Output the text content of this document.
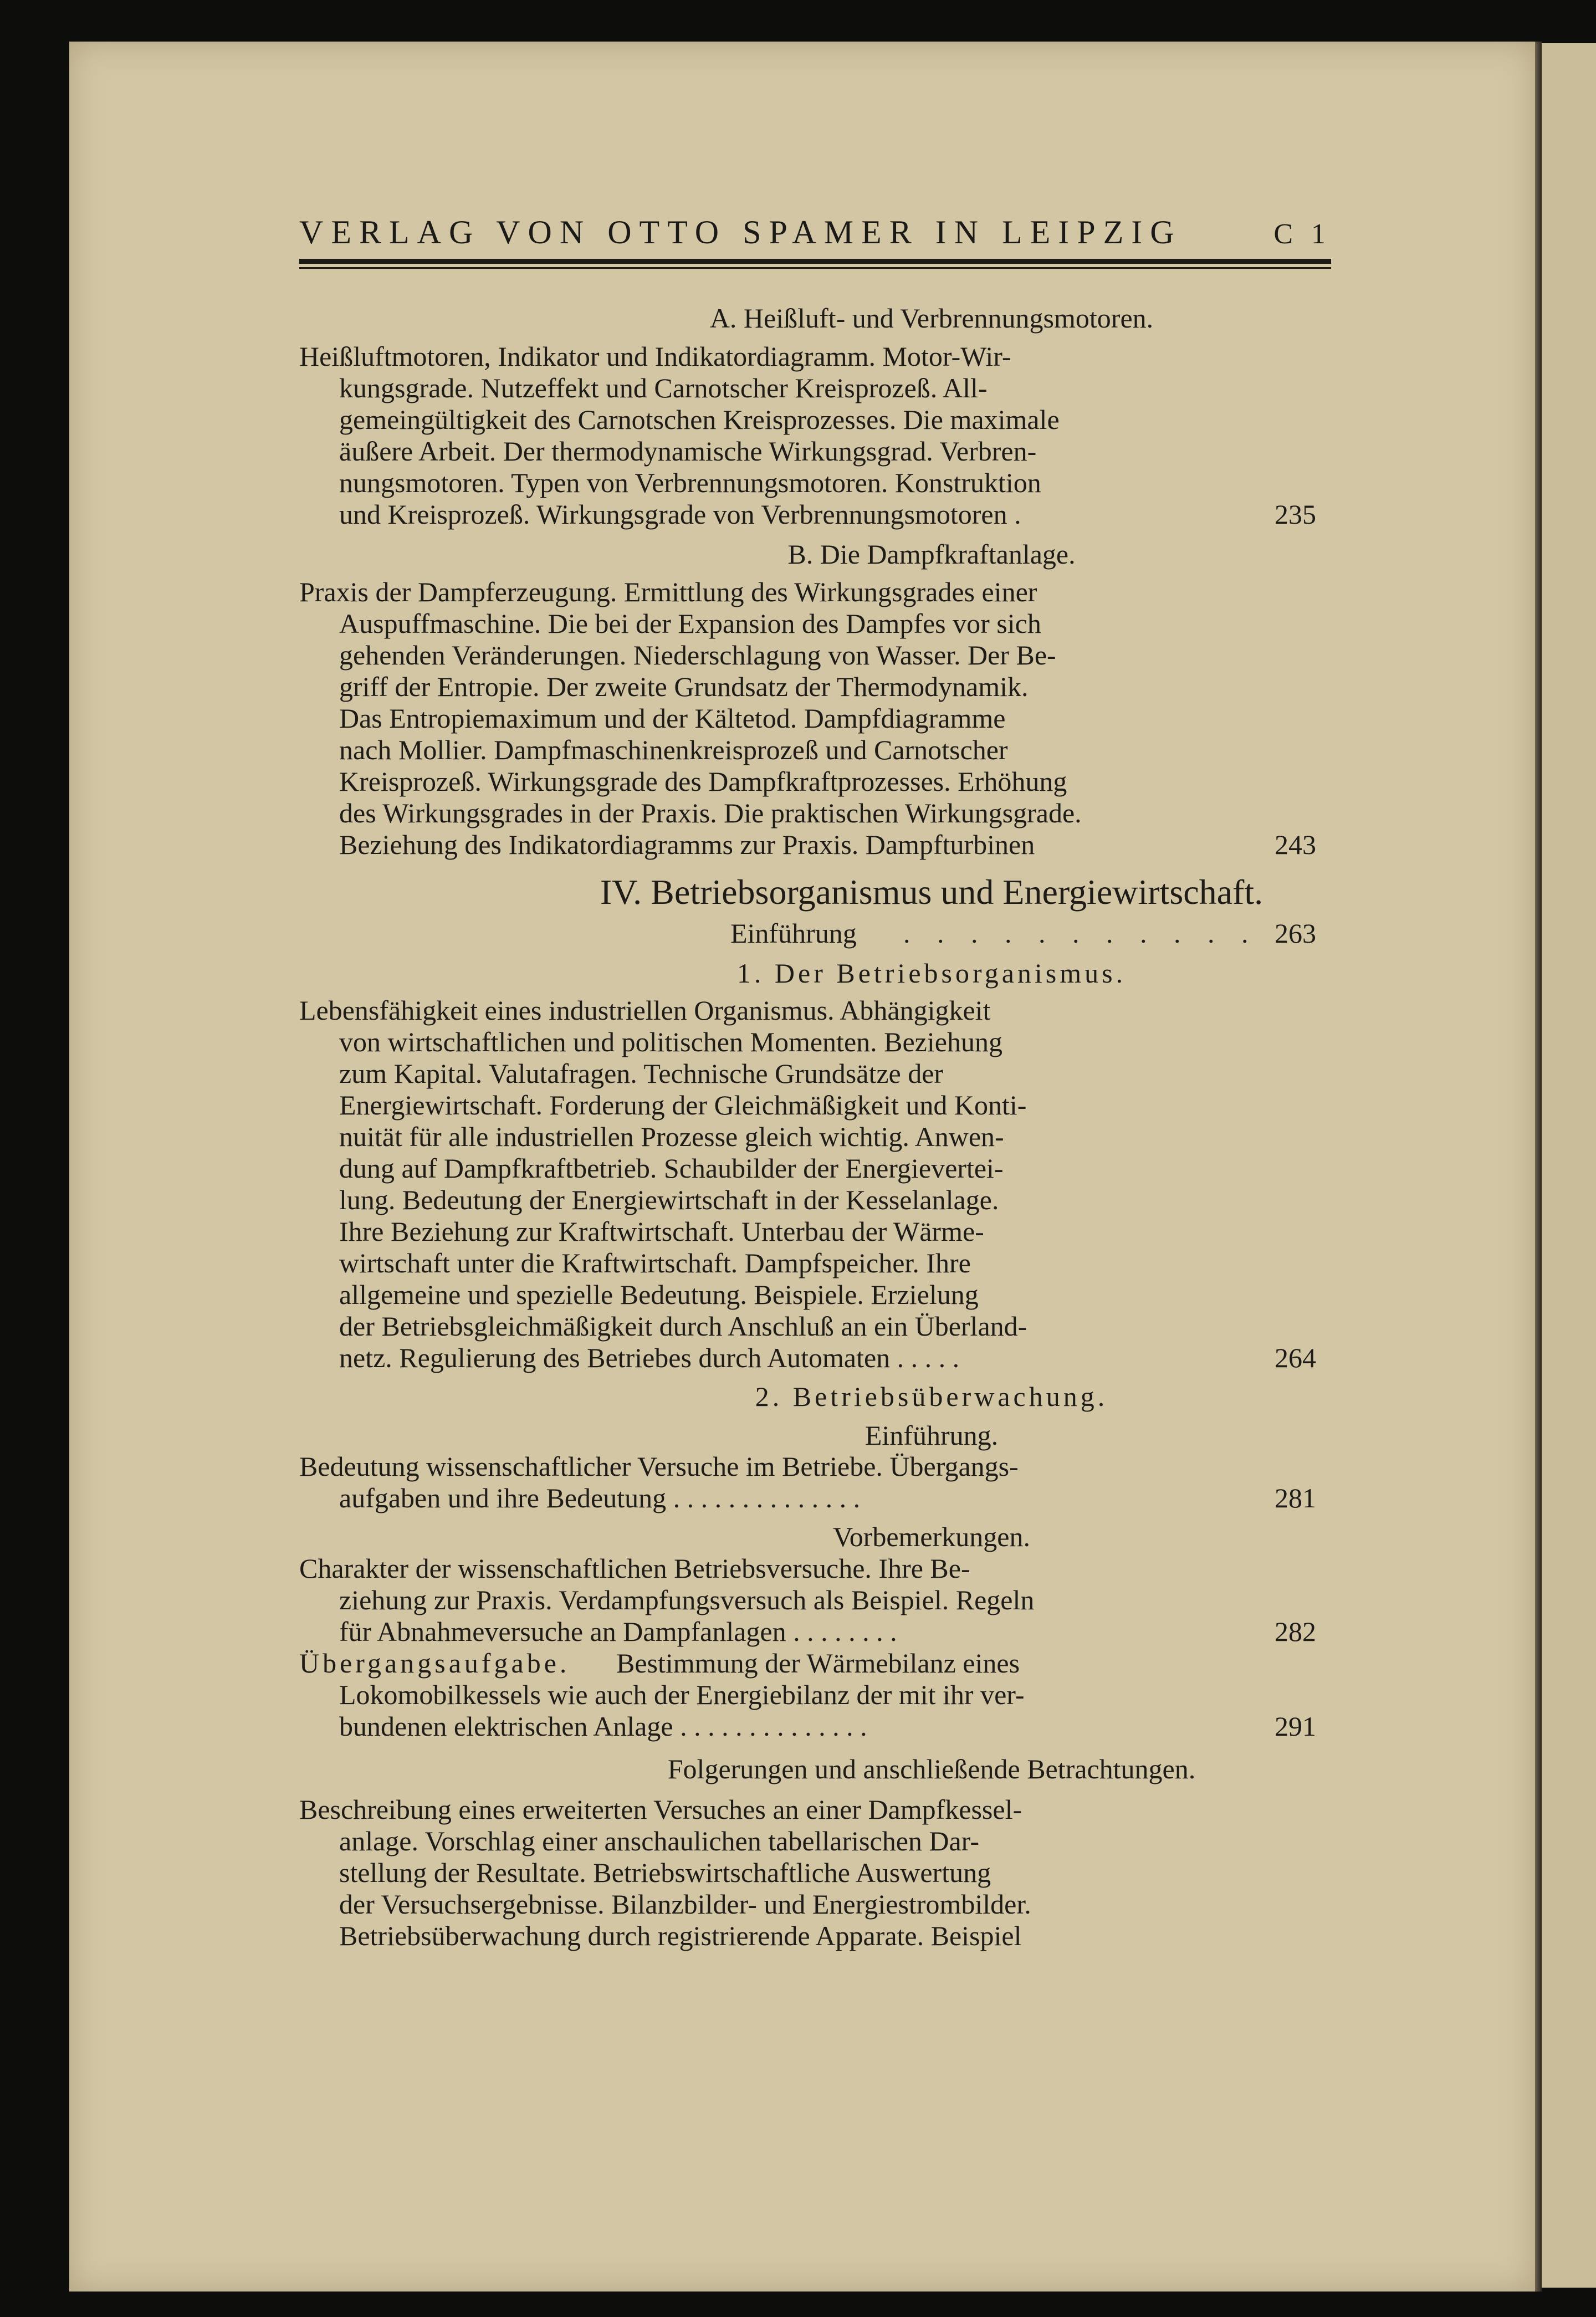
VERLAG VON OTTO SPAMER IN LEIPZIG	C 1
A. Heißluft- und Verbrennungsmotoren.
Heißluftmotoren, Indikator und Indikatordiagramm. Motor-Wir-
kungsgrade. Nutzeffekt und Carnotscher Kreisprozeß. All-
gemeingültigkeit des Carnotschen Kreisprozesses. Die maximale
äußere Arbeit. Der thermodynamische Wirkungsgrad. Verbren-
nungsmotoren. Typen von Verbrennungsmotoren. Konstruktion
und Kreisprozeß. Wirkungsgrade von Verbrennungsmotoren .	235
B. Die Dampfkraftanlage.
Praxis der Dampferzeugung. Ermittlung des Wirkungsgrades einer
Auspuffmaschine. Die bei der Expansion des Dampfes vor sich
gehenden Veränderungen. Niederschlagung von Wasser. Der Be-
griff der Entropie. Der zweite Grundsatz der Thermodynamik.
Das Entropiemaximum und der Kältetod. Dampfdiagramme
nach Mollier. Dampfmaschinenkreisprozeß und Carnotscher
Kreisprozeß. Wirkungsgrade des Dampfkraftprozesses. Erhöhung
des Wirkungsgrades in der Praxis. Die praktischen Wirkungsgrade.
Beziehung des Indikatordiagramms zur Praxis. Dampfturbinen	243
IV. Betriebsorganismus und Energiewirtschaft.
Einführung . . . . . . . . . . . 263
1. Der Betriebsorganismus.
Lebensfähigkeit eines industriellen Organismus. Abhängigkeit
von wirtschaftlichen und politischen Momenten. Beziehung
zum Kapital. Valutafragen. Technische Grundsätze der
Energiewirtschaft. Forderung der Gleichmäßigkeit und Konti-
nuität für alle industriellen Prozesse gleich wichtig. Anwen-
dung auf Dampfkraftbetrieb. Schaubilder der Energievertei-
lung. Bedeutung der Energiewirtschaft in der Kesselanlage.
Ihre Beziehung zur Kraftwirtschaft. Unterbau der Wärme-
wirtschaft unter die Kraftwirtschaft. Dampfspeicher. Ihre
allgemeine und spezielle Bedeutung. Beispiele. Erzielung
der Betriebsgleichmäßigkeit durch Anschluß an ein Überland-
netz. Regulierung des Betriebes durch Automaten . . . . .	264
2. Betriebsüberwachung.
Einführung.
Bedeutung wissenschaftlicher Versuche im Betriebe. Übergangs-
aufgaben und ihre Bedeutung . . . . . . . . . . . . . .	281
Vorbemerkungen.
Charakter der wissenschaftlichen Betriebsversuche. Ihre Be-
ziehung zur Praxis. Verdampfungsversuch als Beispiel. Regeln
für Abnahmeversuche an Dampfanlagen . . . . . . . .	282
Übergangsaufgabe. Bestimmung der Wärmebilanz eines
Lokomobilkessels wie auch der Energiebilanz der mit ihr ver-
bundenen elektrischen Anlage . . . . . . . . . . . . . .	291
Folgerungen und anschließende Betrachtungen.
Beschreibung eines erweiterten Versuches an einer Dampfkessel-
anlage. Vorschlag einer anschaulichen tabellarischen Dar-
stellung der Resultate. Betriebswirtschaftliche Auswertung
der Versuchsergebnisse. Bilanzbilder- und Energiestrombilder.
Betriebsüberwachung durch registrierende Apparate. Beispiel
